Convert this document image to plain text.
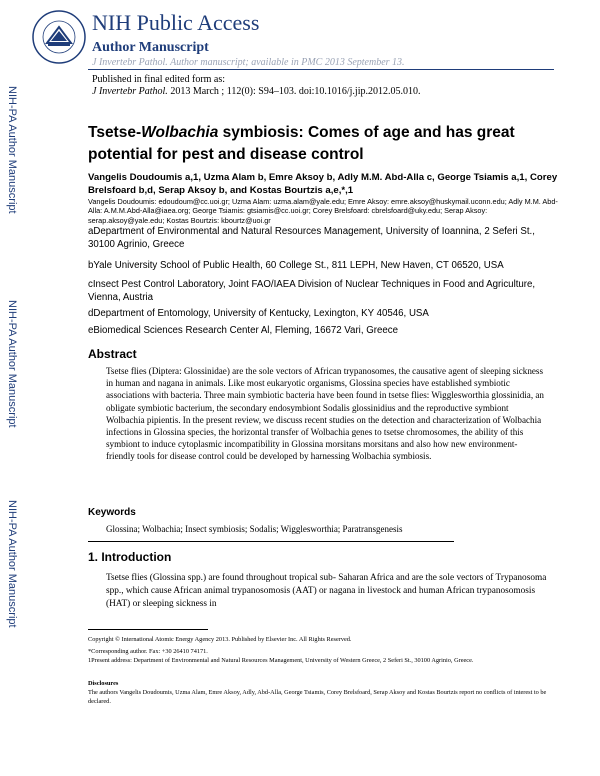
NIH-PA Author Manuscript
NIH-PA Author Manuscript
NIH-PA Author Manuscript
NIH Public Access
Author Manuscript
J Invertebr Pathol. Author manuscript; available in PMC 2013 September 13.
Published in final edited form as:
J Invertebr Pathol. 2013 March ; 112(0): S94–103. doi:10.1016/j.jip.2012.05.010.
Tsetse-Wolbachia symbiosis: Comes of age and has great potential for pest and disease control
Vangelis Doudoumis a,1, Uzma Alam b, Emre Aksoy b, Adly M.M. Abd-Alla c, George Tsiamis a,1, Corey Brelsfoard b,d, Serap Aksoy b, and Kostas Bourtzis a,e,*,1
Vangelis Doudoumis: edoudoum@cc.uoi.gr; Uzma Alam: uzma.alam@yale.edu; Emre Aksoy: emre.aksoy@huskymail.uconn.edu; Adly M.M. Abd-Alla: A.M.M.Abd-Alla@iaea.org; George Tsiamis: gtsiamis@cc.uoi.gr; Corey Brelsfoard: cbrelsfoard@uky.edu; Serap Aksoy: serap.aksoy@yale.edu; Kostas Bourtzis: kbourtz@uoi.gr
aDepartment of Environmental and Natural Resources Management, University of Ioannina, 2 Seferi St., 30100 Agrinio, Greece
bYale University School of Public Health, 60 College St., 811 LEPH, New Haven, CT 06520, USA
cInsect Pest Control Laboratory, Joint FAO/IAEA Division of Nuclear Techniques in Food and Agriculture, Vienna, Austria
dDepartment of Entomology, University of Kentucky, Lexington, KY 40546, USA
eBiomedical Sciences Research Center Al, Fleming, 16672 Vari, Greece
Abstract
Tsetse flies (Diptera: Glossinidae) are the sole vectors of African trypanosomes, the causative agent of sleeping sickness in human and nagana in animals. Like most eukaryotic organisms, Glossina species have established symbiotic associations with bacteria. Three main symbiotic bacteria have been found in tsetse flies: Wigglesworthia glossinidia, an obligate symbiotic bacterium, the secondary endosymbiont Sodalis glossinidius and the reproductive symbiont Wolbachia pipientis. In the present review, we discuss recent studies on the detection and characterization of Wolbachia infections in Glossina species, the horizontal transfer of Wolbachia genes to tsetse chromosomes, the ability of this symbiont to induce cytoplasmic incompatibility in Glossina morsitans morsitans and also how new environment-friendly tools for disease control could be developed by harnessing Wolbachia symbiosis.
Keywords
Glossina; Wolbachia; Insect symbiosis; Sodalis; Wigglesworthia; Paratransgenesis
1. Introduction
Tsetse flies (Glossina spp.) are found throughout tropical sub- Saharan Africa and are the sole vectors of Trypanosoma spp., which cause African animal trypanosomosis (AAT) or nagana in livestock and human African trypanosomosis (HAT) or sleeping sickness in
Copyright © International Atomic Energy Agency 2013. Published by Elsevier Inc. All Rights Reserved.
*Corresponding author. Fax: +30 26410 74171.
1Present address: Department of Environmental and Natural Resources Management, University of Western Greece, 2 Seferi St., 30100 Agrinio, Greece.
Disclosures
The authors Vangelis Doudoumis, Uzma Alam, Emre Aksoy, Adly, Abd-Alla, George Tsiamis, Corey Brelsfoard, Serap Aksoy and Kostas Bourtzis report no conflicts of interest to be declared.
